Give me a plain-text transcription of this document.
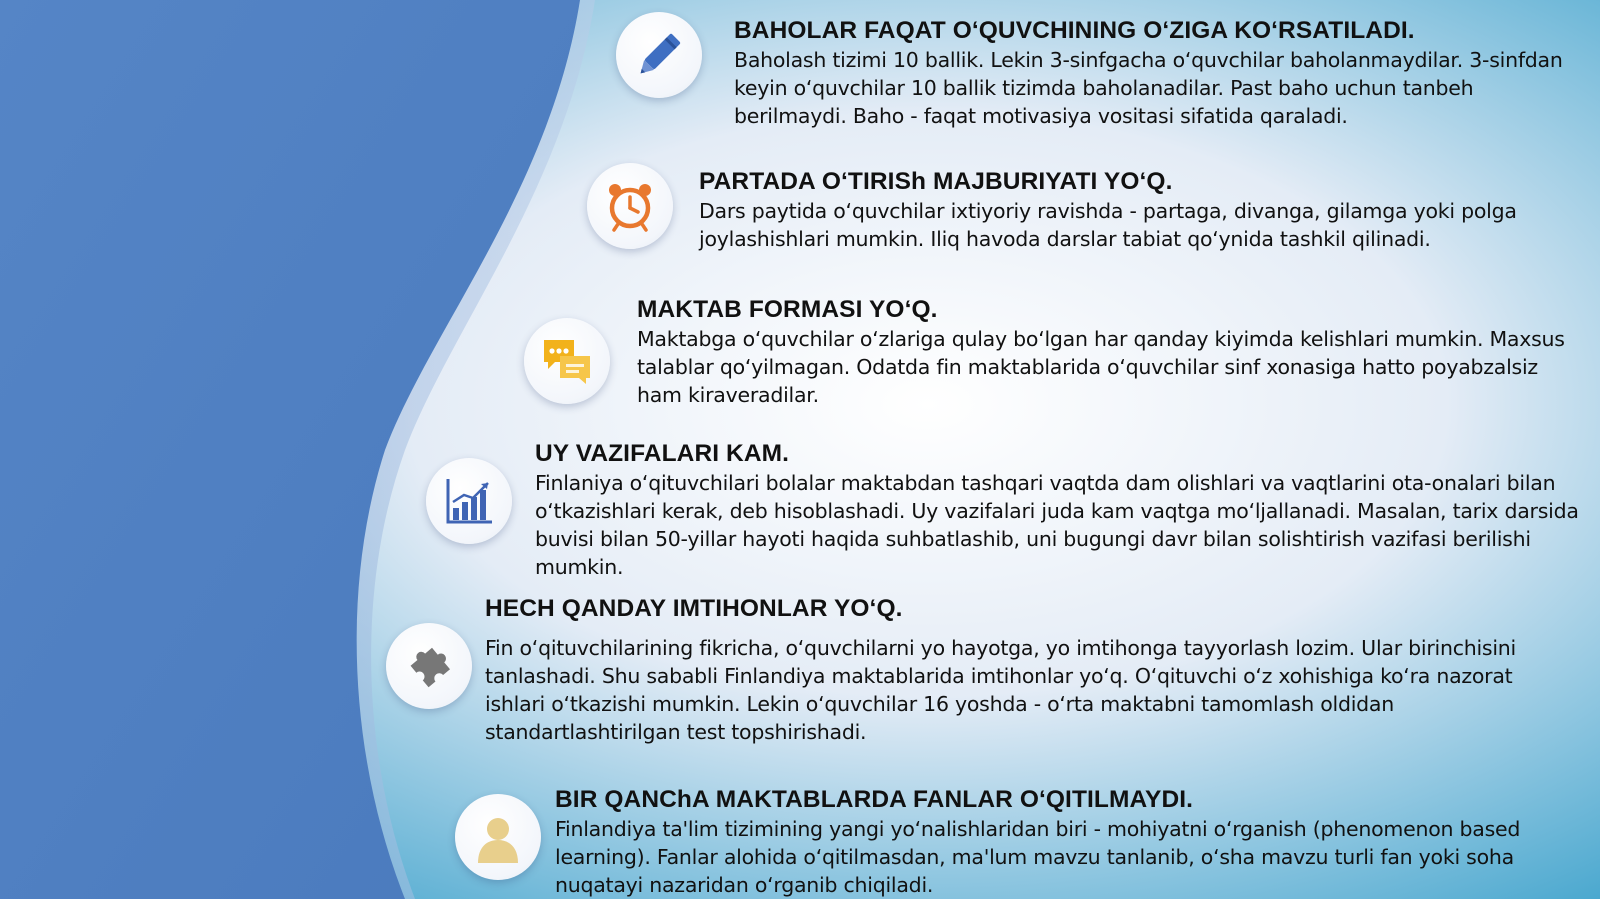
BAHOLAR FAQAT O‘QUVCHINING O‘ZIGA KO‘RSATILADI.

Baholash tizimi 10 ballik. Lekin 3-sinfgacha o‘quvchilar baholanmaydilar. 3-sinfdan keyin o‘quvchilar 10 ballik tizimda baholanadilar. Past baho uchun tanbeh berilmaydi. Baho - faqat motivasiya vositasi sifatida qaraladi.

PARTADA O‘TIRISh MAJBURIYATI YO‘Q.

Dars paytida o‘quvchilar ixtiyoriy ravishda - partaga, divanga, gilamga yoki polga joylashishlari mumkin. Iliq havoda darslar tabiat qo‘ynida tashkil qilinadi.

MAKTAB FORMASI YO‘Q.

Maktabga o‘quvchilar o‘zlariga qulay bo‘lgan har qanday kiyimda kelishlari mumkin. Maxsus talablar qo‘yilmagan. Odatda fin maktablarida o‘quvchilar sinf xonasiga hatto poyabzalsiz ham kiraveradilar.

UY VAZIFALARI KAM.

Finlaniya o‘qituvchilari bolalar maktabdan tashqari vaqtda dam olishlari va vaqtlarini ota-onalari bilan o‘tkazishlari kerak, deb hisoblashadi. Uy vazifalari juda kam vaqtga mo‘ljallanadi. Masalan, tarix darsida buvisi bilan 50-yillar hayoti haqida suhbatlashib, uni bugungi davr bilan solishtirish vazifasi berilishi mumkin.

HECH QANDAY IMTIHONLAR YO‘Q.

Fin o‘qituvchilarining fikricha, o‘quvchilarni yo hayotga, yo imtihonga tayyorlash lozim. Ular birinchisini tanlashadi. Shu sababli Finlandiya maktablarida imtihonlar yo‘q. O‘qituvchi o‘z xohishiga ko‘ra nazorat ishlari o‘tkazishi mumkin. Lekin o‘quvchilar 16 yoshda - o‘rta maktabni tamomlash oldidan standartlashtirilgan test topshirishadi.

BIR QANChA MAKTABLARDA FANLAR O‘QITILMAYDI.

Finlandiya ta'lim tizimining yangi yo‘nalishlaridan biri - mohiyatni o‘rganish (phenomenon based learning). Fanlar alohida o‘qitilmasdan, ma'lum mavzu tanlanib, o‘sha mavzu turli fan yoki soha nuqatayi nazaridan o‘rganib chiqiladi.
